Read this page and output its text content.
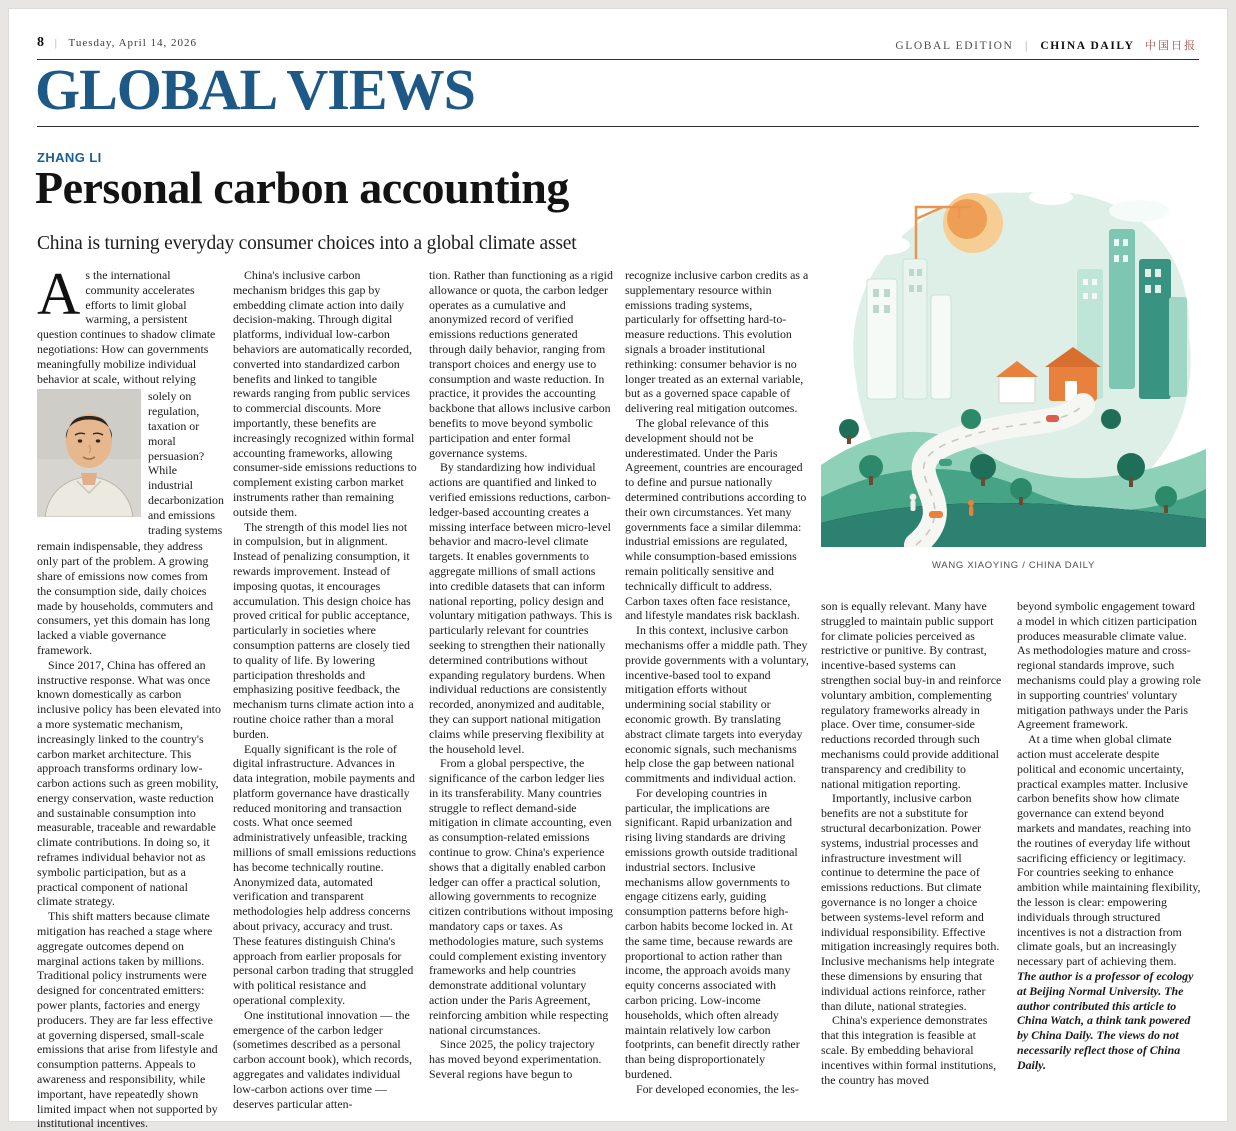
8 | Tuesday, April 14, 2026	GLOBAL EDITION | CHINA DAILY 中国日报
GLOBAL VIEWS
ZHANG LI
Personal carbon accounting
China is turning everyday consumer choices into a global climate asset

As the international community accelerates efforts to limit global warming, a persistent question continues to shadow climate negotiations: How can governments meaningfully mobilize individual behavior at scale, without relying

solely on regulation, taxation or moral persuasion? While industrial decarbonization and emissions trading systems

remain indispensable, they address only part of the problem. A growing share of emissions now comes from the consumption side, daily choices made by households, commuters and consumers, yet this domain has long lacked a viable governance framework.

Since 2017, China has offered an instructive response. What was once known domestically as carbon inclusive policy has been elevated into a more systematic mechanism, increasingly linked to the country's carbon market architecture. This approach transforms ordinary low-carbon actions such as green mobility, energy conservation, waste reduction and sustainable consumption into measurable, traceable and rewardable climate contributions. In doing so, it reframes individual behavior not as symbolic participation, but as a practical component of national climate strategy.

This shift matters because climate mitigation has reached a stage where aggregate outcomes depend on marginal actions taken by millions. Traditional policy instruments were designed for concentrated emitters: power plants, factories and energy producers. They are far less effective at governing dispersed, small-scale emissions that arise from lifestyle and consumption patterns. Appeals to awareness and responsibility, while important, have repeatedly shown limited impact when not supported by institutional incentives.

China's inclusive carbon mechanism bridges this gap by embedding climate action into daily decision-making. Through digital platforms, individual low-carbon behaviors are automatically recorded, converted into standardized carbon benefits and linked to tangible rewards ranging from public services to commercial discounts. More importantly, these benefits are increasingly recognized within formal accounting frameworks, allowing consumer-side emissions reductions to complement existing carbon market instruments rather than remaining outside them.

The strength of this model lies not in compulsion, but in alignment. Instead of penalizing consumption, it rewards improvement. Instead of imposing quotas, it encourages accumulation. This design choice has proved critical for public acceptance, particularly in societies where consumption patterns are closely tied to quality of life. By lowering participation thresholds and emphasizing positive feedback, the mechanism turns climate action into a routine choice rather than a moral burden.

Equally significant is the role of digital infrastructure. Advances in data integration, mobile payments and platform governance have drastically reduced monitoring and transaction costs. What once seemed administratively unfeasible, tracking millions of small emissions reductions has become technically routine. Anonymized data, automated verification and transparent methodologies help address concerns about privacy, accuracy and trust. These features distinguish China's approach from earlier proposals for personal carbon trading that struggled with political resistance and operational complexity.

One institutional innovation — the emergence of the carbon ledger (sometimes described as a personal carbon account book), which records, aggregates and validates individual low-carbon actions over time — deserves particular atten-

tion. Rather than functioning as a rigid allowance or quota, the carbon ledger operates as a cumulative and anonymized record of verified emissions reductions generated through daily behavior, ranging from transport choices and energy use to consumption and waste reduction. In practice, it provides the accounting backbone that allows inclusive carbon benefits to move beyond symbolic participation and enter formal governance systems.

By standardizing how individual actions are quantified and linked to verified emissions reductions, carbon-ledger-based accounting creates a missing interface between micro-level behavior and macro-level climate targets. It enables governments to aggregate millions of small actions into credible datasets that can inform national reporting, policy design and voluntary mitigation pathways. This is particularly relevant for countries seeking to strengthen their nationally determined contributions without expanding regulatory burdens. When individual reductions are consistently recorded, anonymized and auditable, they can support national mitigation claims while preserving flexibility at the household level.

From a global perspective, the significance of the carbon ledger lies in its transferability. Many countries struggle to reflect demand-side mitigation in climate accounting, even as consumption-related emissions continue to grow. China's experience shows that a digitally enabled carbon ledger can offer a practical solution, allowing governments to recognize citizen contributions without imposing mandatory caps or taxes. As methodologies mature, such systems could complement existing inventory frameworks and help countries demonstrate additional voluntary action under the Paris Agreement, reinforcing ambition while respecting national circumstances.

Since 2025, the policy trajectory has moved beyond experimentation. Several regions have begun to

recognize inclusive carbon credits as a supplementary resource within emissions trading systems, particularly for offsetting hard-to-measure reductions. This evolution signals a broader institutional rethinking: consumer behavior is no longer treated as an external variable, but as a governed space capable of delivering real mitigation outcomes.

The global relevance of this development should not be underestimated. Under the Paris Agreement, countries are encouraged to define and pursue nationally determined contributions according to their own circumstances. Yet many governments face a similar dilemma: industrial emissions are regulated, while consumption-based emissions remain politically sensitive and technically difficult to address. Carbon taxes often face resistance, and lifestyle mandates risk backlash.

In this context, inclusive carbon mechanisms offer a middle path. They provide governments with a voluntary, incentive-based tool to expand mitigation efforts without undermining social stability or economic growth. By translating abstract climate targets into everyday economic signals, such mechanisms help close the gap between national commitments and individual action.

For developing countries in particular, the implications are significant. Rapid urbanization and rising living standards are driving emissions growth outside traditional industrial sectors. Inclusive mechanisms allow governments to engage citizens early, guiding consumption patterns before high-carbon habits become locked in. At the same time, because rewards are proportional to action rather than income, the approach avoids many equity concerns associated with carbon pricing. Low-income households, which often already maintain relatively low carbon footprints, can benefit directly rather than being disproportionately burdened.

For developed economies, the les-

WANG XIAOYING / CHINA DAILY

son is equally relevant. Many have struggled to maintain public support for climate policies perceived as restrictive or punitive. By contrast, incentive-based systems can strengthen social buy-in and reinforce voluntary ambition, complementing regulatory frameworks already in place. Over time, consumer-side reductions recorded through such mechanisms could provide additional transparency and credibility to national mitigation reporting.

Importantly, inclusive carbon benefits are not a substitute for structural decarbonization. Power systems, industrial processes and infrastructure investment will continue to determine the pace of emissions reductions. But climate governance is no longer a choice between systems-level reform and individual responsibility. Effective mitigation increasingly requires both. Inclusive mechanisms help integrate these dimensions by ensuring that individual actions reinforce, rather than dilute, national strategies.

China's experience demonstrates that this integration is feasible at scale. By embedding behavioral incentives within formal institutions, the country has moved

beyond symbolic engagement toward a model in which citizen participation produces measurable climate value. As methodologies mature and cross-regional standards improve, such mechanisms could play a growing role in supporting countries' voluntary mitigation pathways under the Paris Agreement framework.

At a time when global climate action must accelerate despite political and economic uncertainty, practical examples matter. Inclusive carbon benefits show how climate governance can extend beyond markets and mandates, reaching into the routines of everyday life without sacrificing efficiency or legitimacy. For countries seeking to enhance ambition while maintaining flexibility, the lesson is clear: empowering individuals through structured incentives is not a distraction from climate goals, but an increasingly necessary part of achieving them.

The author is a professor of ecology at Beijing Normal University. The author contributed this article to China Watch, a think tank powered by China Daily. The views do not necessarily reflect those of China Daily.
